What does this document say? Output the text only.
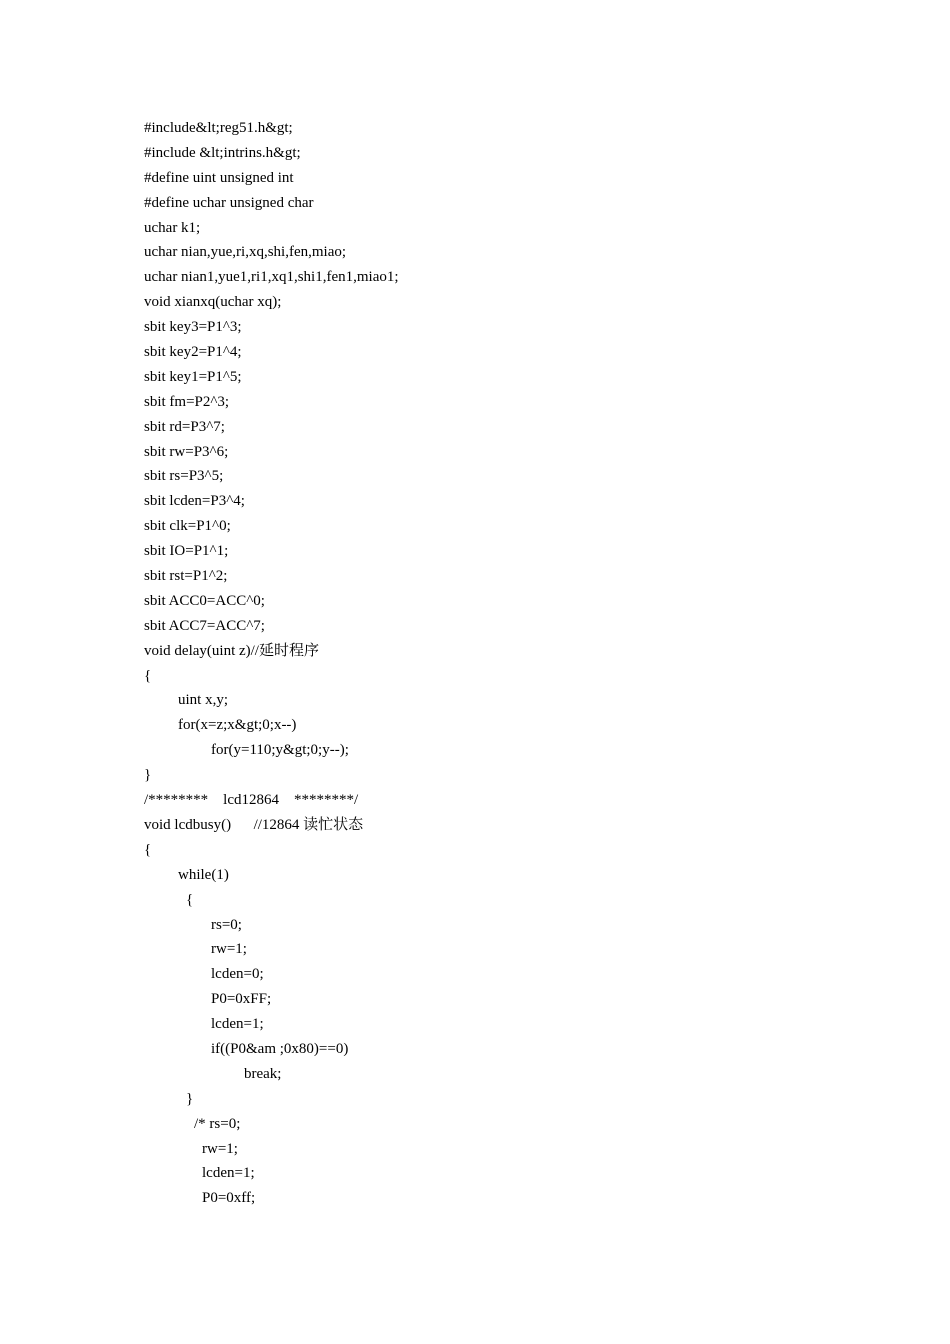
#include&lt;reg51.h&gt;
#include &lt;intrins.h&gt;
#define uint unsigned int
#define uchar unsigned char
uchar k1;
uchar nian,yue,ri,xq,shi,fen,miao;
uchar nian1,yue1,ri1,xq1,shi1,fen1,miao1;
void xianxq(uchar xq);
sbit key3=P1^3;
sbit key2=P1^4;
sbit key1=P1^5;
sbit fm=P2^3;
sbit rd=P3^7;
sbit rw=P3^6;
sbit rs=P3^5;
sbit lcden=P3^4;
sbit clk=P1^0;
sbit IO=P1^1;
sbit rst=P1^2;
sbit ACC0=ACC^0;
sbit ACC7=ACC^7;
void delay(uint z)//延时程序
{
uint x,y;
for(x=z;x&gt;0;x--)
for(y=110;y&gt;0;y--);
}
/********    lcd12864    ********/
void lcdbusy()      //12864 读忙状态
{
while(1)
{
rs=0;
rw=1;
lcden=0;
P0=0xFF;
lcden=1;
if((P0&am ;0x80)==0)
break;
}
/* rs=0;
rw=1;
lcden=1;
P0=0xff;
